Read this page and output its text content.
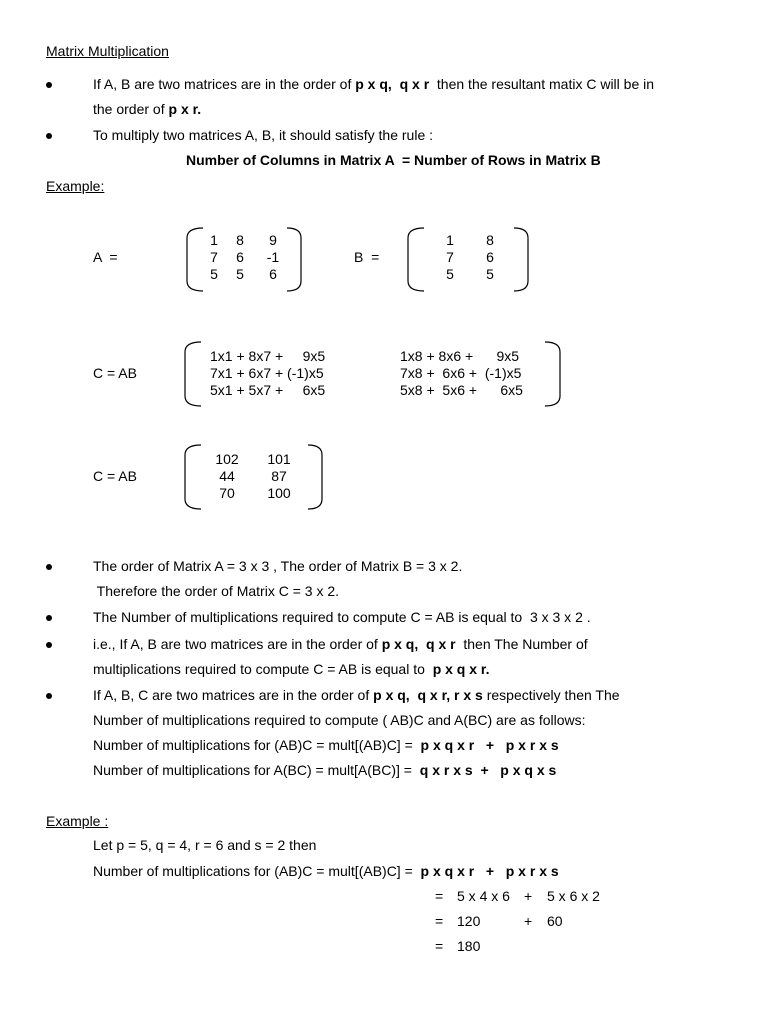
Matrix Multiplication
If A, B are two matrices are in the order of p x q,  q x r  then the resultant matix C will be in
the order of p x r.
To multiply two matrices A, B, it should satisfy the rule :
Number of Columns in Matrix A  = Number of Rows in Matrix B
Example:
A  =
1	8	9
7	6	-1
5	5	6
B  =
1	8
7	6
5	5
C = AB
1x1 + 8x7 +     9x5	1x8 + 8x6 +      9x5
7x1 + 6x7 + (-1)x5	7x8 +  6x6 +  (-1)x5
5x1 + 5x7 +     6x5	5x8 +  5x6 +      6x5
C = AB
102	101
44	87
70	100
The order of Matrix A = 3 x 3 , The order of Matrix B = 3 x 2.
Therefore the order of Matrix C = 3 x 2.
The Number of multiplications required to compute C = AB is equal to  3 x 3 x 2 .
i.e., If A, B are two matrices are in the order of p x q,  q x r  then The Number of
multiplications required to compute C = AB is equal to  p x q x r.
If A, B, C are two matrices are in the order of p x q,  q x r, r x s respectively then The
Number of multiplications required to compute ( AB)C and A(BC) are as follows:
Number of multiplications for (AB)C = mult[(AB)C] =  p x q x r   +   p x r x s
Number of multiplications for A(BC) = mult[A(BC)] =  q x r x s  +   p x q x s
Example :
Let p = 5, q = 4, r = 6 and s = 2 then
Number of multiplications for (AB)C = mult[(AB)C] =  p x q x r   +   p x r x s
= 5 x 4 x 6 + 5 x 6 x 2
= 120	+ 60
= 180
